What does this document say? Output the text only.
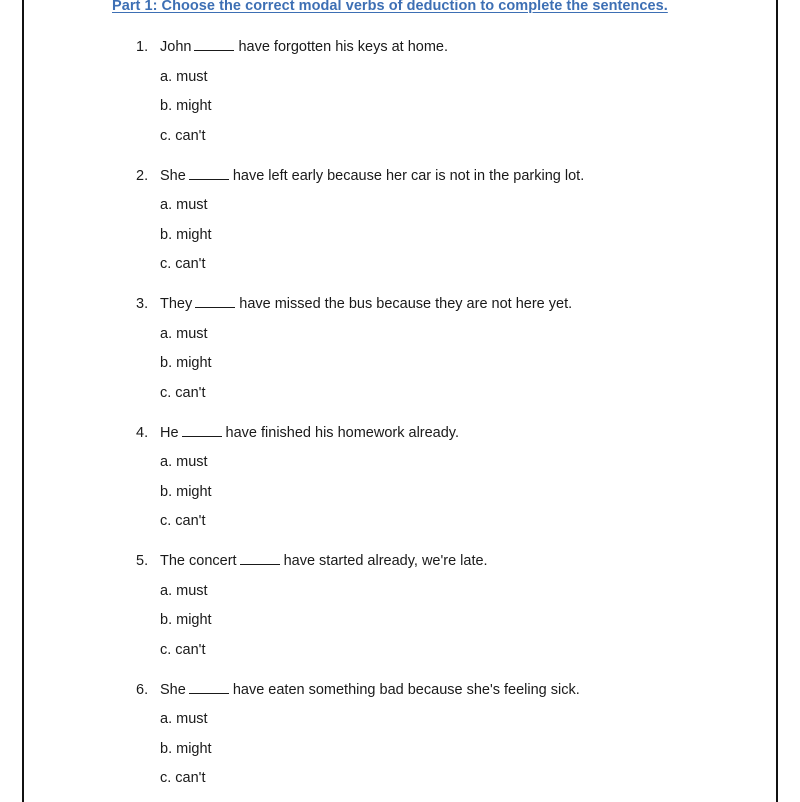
Part 1: Choose the correct modal verbs of deduction to complete the sentences.
1. John	have forgotten his keys at home.
a. must
b. might
c. can't
2. She	have left early because her car is not in the parking lot.
a. must
b. might
c. can't
3. They	have missed the bus because they are not here yet.
a. must
b. might
c. can't
4. He	have finished his homework already.
a. must
b. might
c. can't
5. The concert	have started already, we're late.
a. must
b. might
c. can't
6. She	have eaten something bad because she's feeling sick.
a. must
b. might
c. can't
